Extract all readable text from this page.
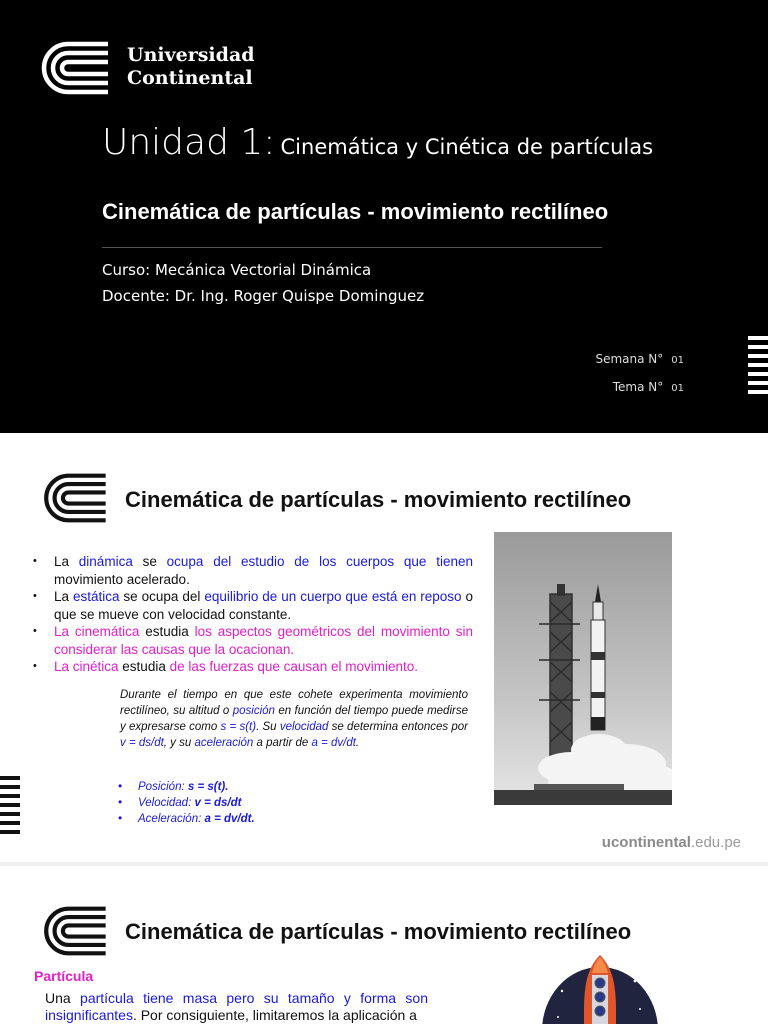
Universidad
Continental
Unidad 1: Cinemática y Cinética de partículas
Cinemática de partículas - movimiento rectilíneo
Curso: Mecánica Vectorial Dinámica
Docente: Dr. Ing. Roger Quispe Dominguez
Semana N° 01
Tema N° 01
Cinemática de partículas - movimiento rectilíneo
• La dinámica se ocupa del estudio de los cuerpos que tienen movimiento acelerado.
• La estática se ocupa del equilibrio de un cuerpo que está en reposo o que se mueve con velocidad constante.
• La cinemática estudia los aspectos geométricos del movimiento sin considerar las causas que la ocacionan.
• La cinética estudia de las fuerzas que causan el movimiento.
Durante el tiempo en que este cohete experimenta movimiento rectilíneo, su altitud o posición en función del tiempo puede medirse y expresarse como s = s(t). Su velocidad se determina entonces por v = ds/dt, y su aceleración a partir de a = dv/dt.
• Posición: s = s(t).
• Velocidad: v = ds/dt
• Aceleración: a = dv/dt.
ucontinental.edu.pe
Cinemática de partículas - movimiento rectilíneo
Partícula
Una partícula tiene masa pero su tamaño y forma son insignificantes. Por consiguiente, limitaremos la aplicación a
